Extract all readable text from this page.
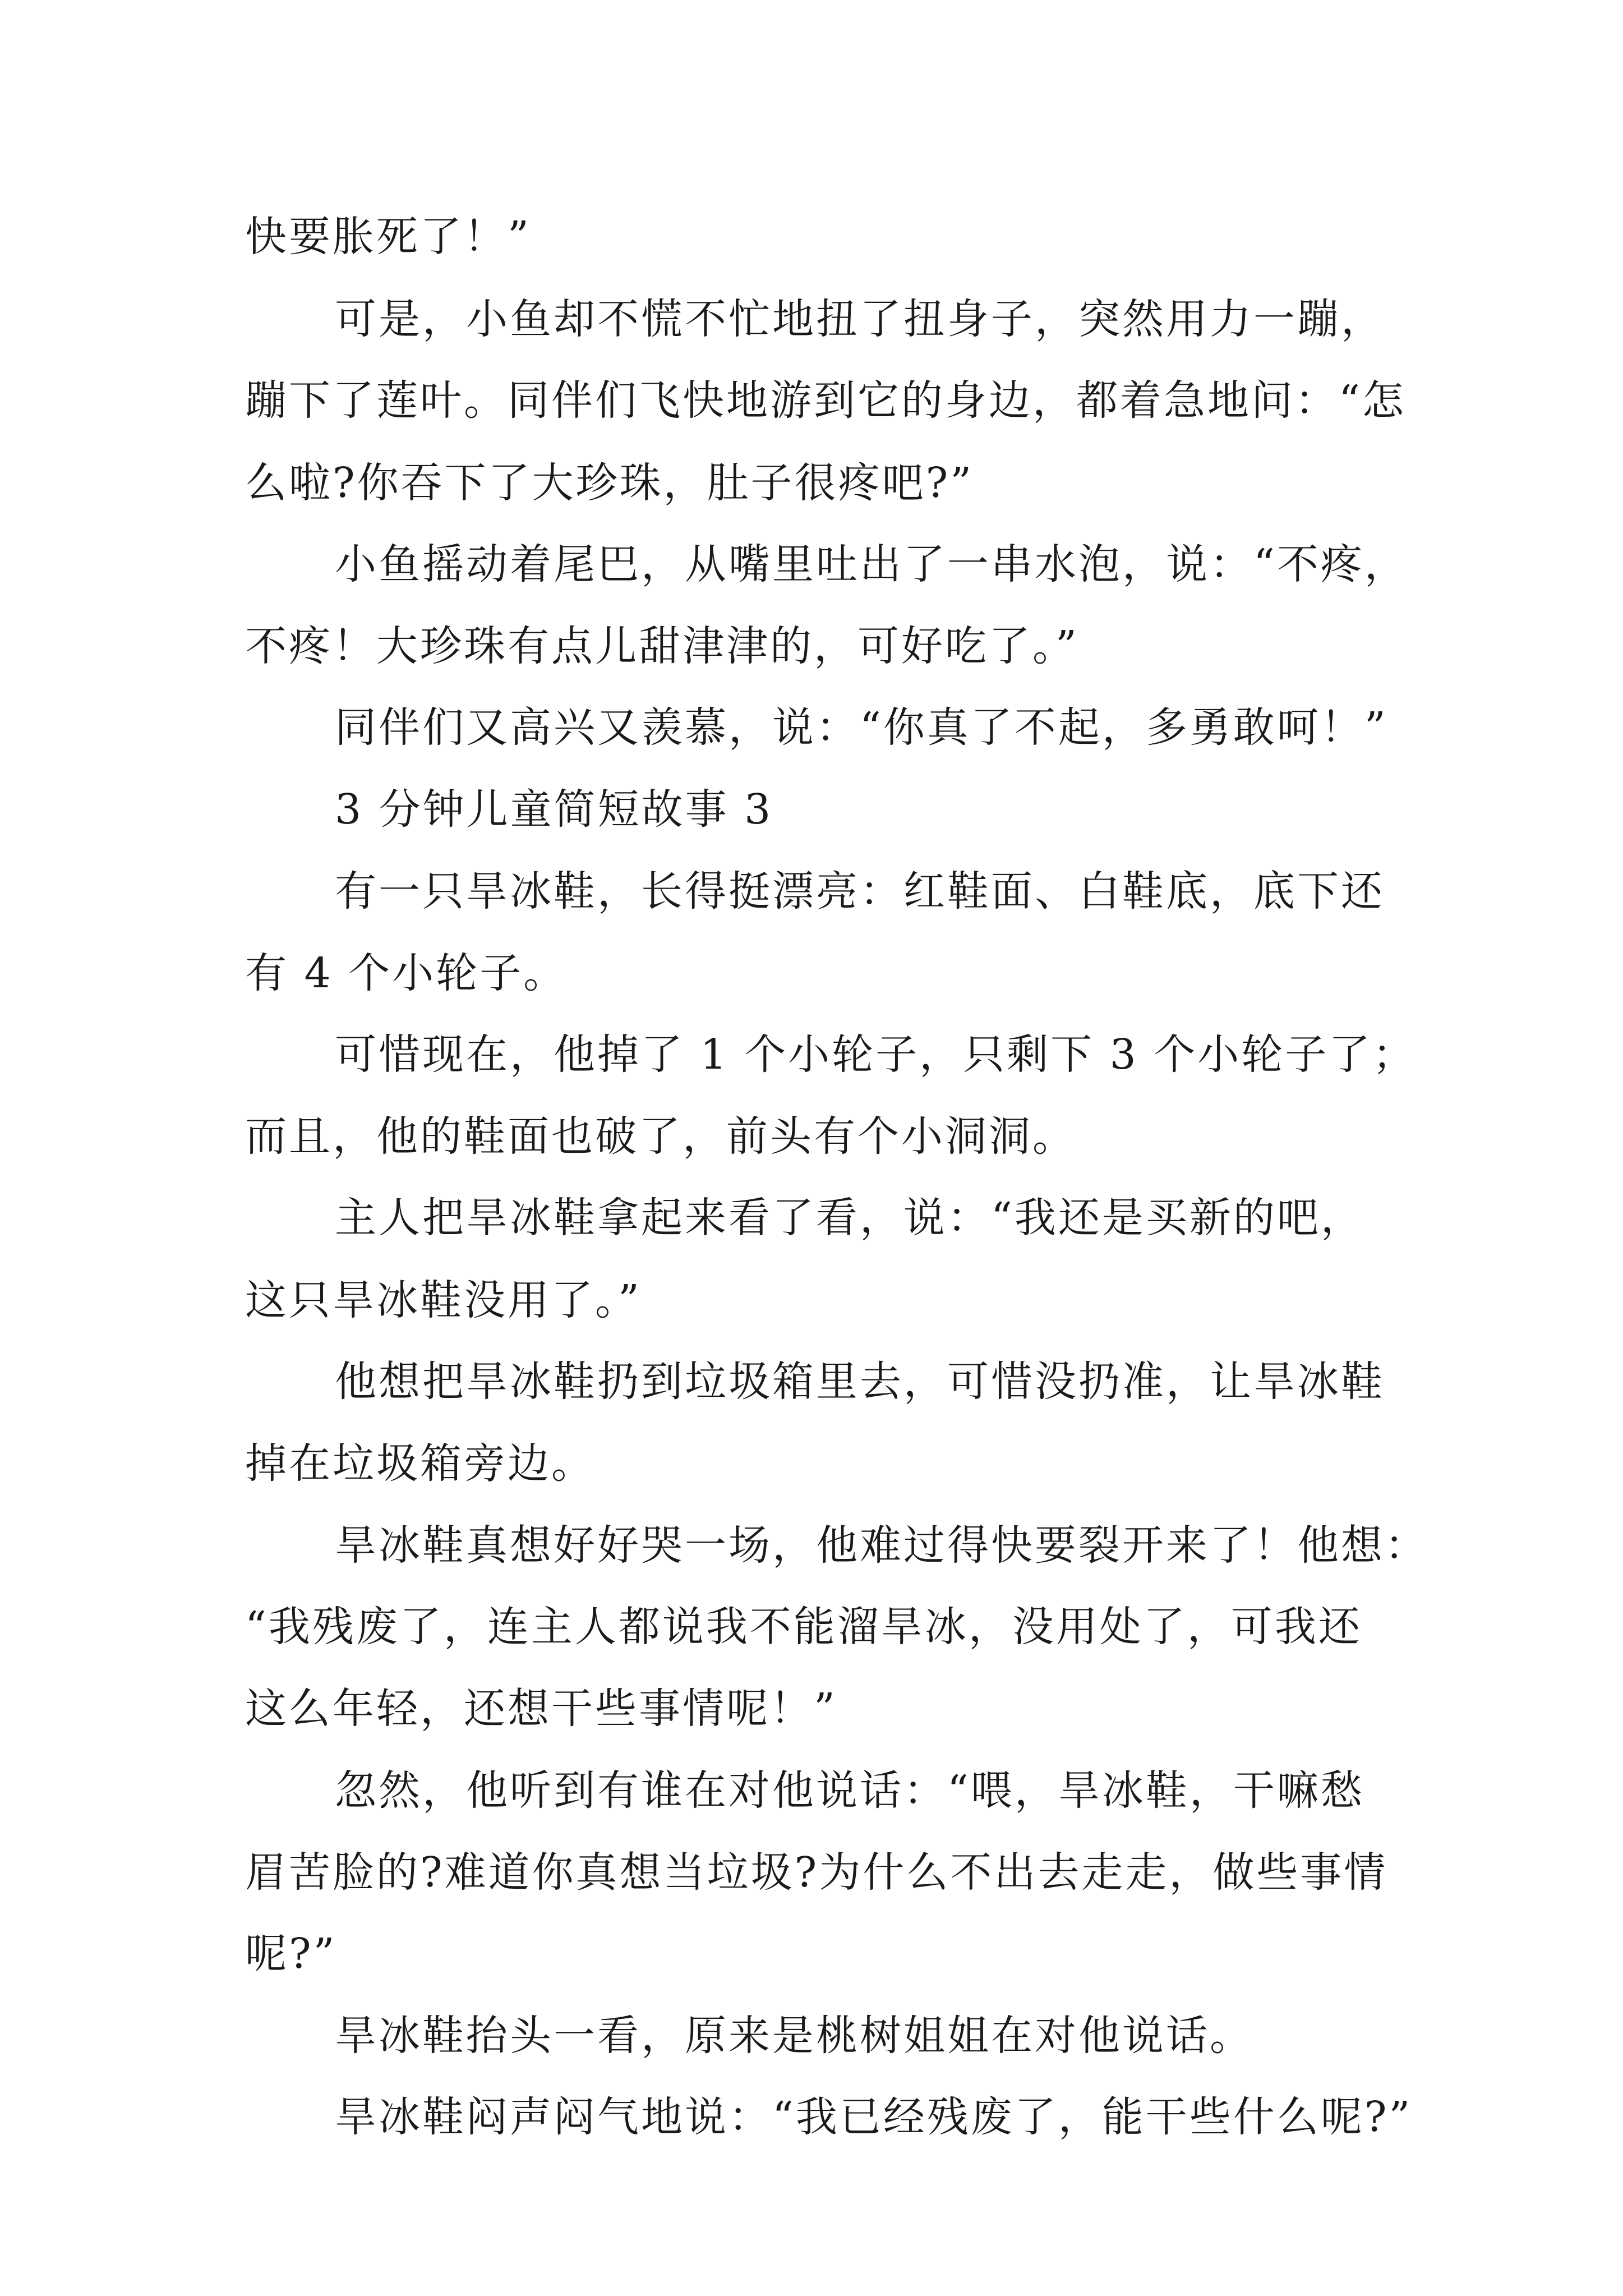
快要胀死了！”
可是，小鱼却不慌不忙地扭了扭身子，突然用力一蹦，
蹦下了莲叶。同伴们飞快地游到它的身边，都着急地问：“怎
么啦?你吞下了大珍珠，肚子很疼吧?”
小鱼摇动着尾巴，从嘴里吐出了一串水泡，说：“不疼，
不疼！大珍珠有点儿甜津津的，可好吃了。”
同伴们又高兴又羡慕，说：“你真了不起，多勇敢呵！”
3 分钟儿童简短故事 3
有一只旱冰鞋，长得挺漂亮：红鞋面、白鞋底，底下还
有 4 个小轮子。
可惜现在，他掉了 1 个小轮子，只剩下 3 个小轮子了；
而且，他的鞋面也破了，前头有个小洞洞。
主人把旱冰鞋拿起来看了看，说：“我还是买新的吧，
这只旱冰鞋没用了。”
他想把旱冰鞋扔到垃圾箱里去，可惜没扔准，让旱冰鞋
掉在垃圾箱旁边。
旱冰鞋真想好好哭一场，他难过得快要裂开来了！他想：
“我残废了，连主人都说我不能溜旱冰，没用处了，可我还
这么年轻，还想干些事情呢！”
忽然，他听到有谁在对他说话：“喂，旱冰鞋，干嘛愁
眉苦脸的?难道你真想当垃圾?为什么不出去走走，做些事情
呢?”
旱冰鞋抬头一看，原来是桃树姐姐在对他说话。
旱冰鞋闷声闷气地说：“我已经残废了，能干些什么呢?”
